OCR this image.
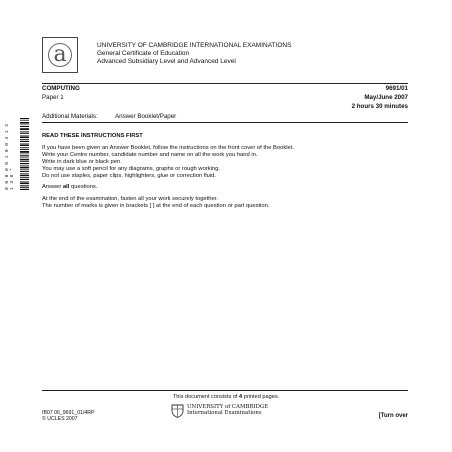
a	UNIVERSITY OF CAMBRIDGE INTERNATIONAL EXAMINATIONS
General Certificate of Education
Advanced Subsidiary Level and Advanced Level
COMPUTING	9691/01
Paper 1	May/June 2007
2 hours 30 minutes
Additional Materials:	Answer Booklet/Paper
0 0 0 0 0 1 0 0 4 1 3 1 3 8 *

READ THESE INSTRUCTIONS FIRST

If you have been given an Answer Booklet, follow the instructions on the front cover of the Booklet.

Write your Centre number, candidate number and name on all the work you hand in.

Write in dark blue or black pen.

You may use a soft pencil for any diagrams, graphs or rough working.

Do not use staples, paper clips, highlighters, glue or correction fluid.

Answer all questions.

At the end of the examination, fasten all your work securely together.

The number of marks is given in brackets [ ] at the end of each question or part question.

This document consists of 4 printed pages.
IB07 06_9691_01/4RP
© UCLES 2007
UNIVERSITY of CAMBRIDGE
International Examinations	[Turn over
